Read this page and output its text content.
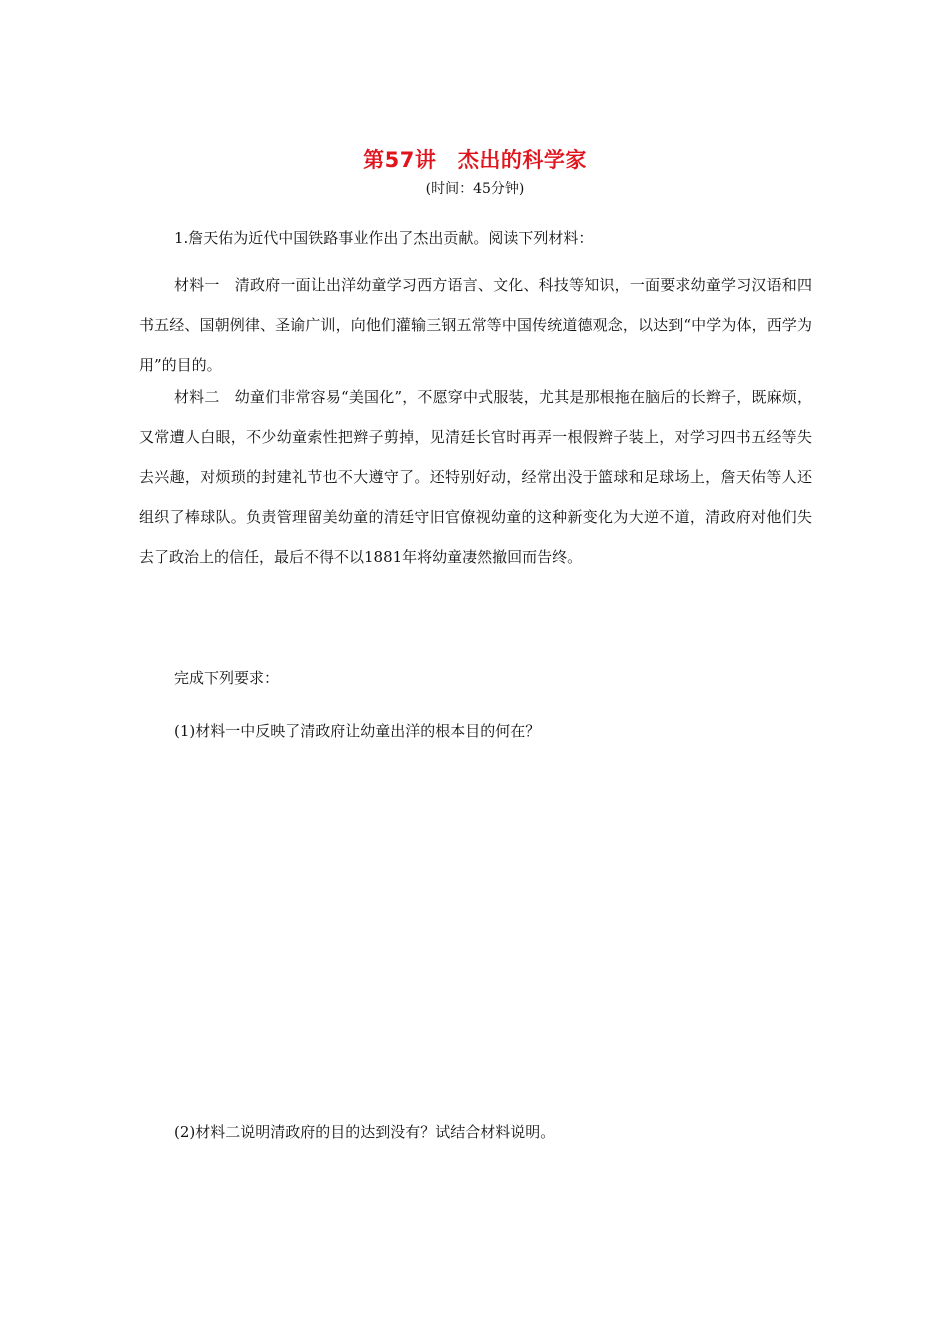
第57讲　杰出的科学家
(时间：45分钟)

1.詹天佑为近代中国铁路事业作出了杰出贡献。阅读下列材料：

材料一　清政府一面让出洋幼童学习西方语言、文化、科技等知识，一面要求幼童学习汉语和四书五经、国朝例律、圣谕广训，向他们灌输三钢五常等中国传统道德观念，以达到“中学为体，西学为用”的目的。

材料二　幼童们非常容易“美国化”，不愿穿中式服装，尤其是那根拖在脑后的长辫子，既麻烦，又常遭人白眼，不少幼童索性把辫子剪掉，见清廷长官时再弄一根假辫子装上，对学习四书五经等失去兴趣，对烦琐的封建礼节也不大遵守了。还特别好动，经常出没于篮球和足球场上，詹天佑等人还组织了棒球队。负责管理留美幼童的清廷守旧官僚视幼童的这种新变化为大逆不道，清政府对他们失去了政治上的信任，最后不得不以1881年将幼童凄然撤回而告终。

完成下列要求：

(1)材料一中反映了清政府让幼童出洋的根本目的何在？

(2)材料二说明清政府的目的达到没有？试结合材料说明。
